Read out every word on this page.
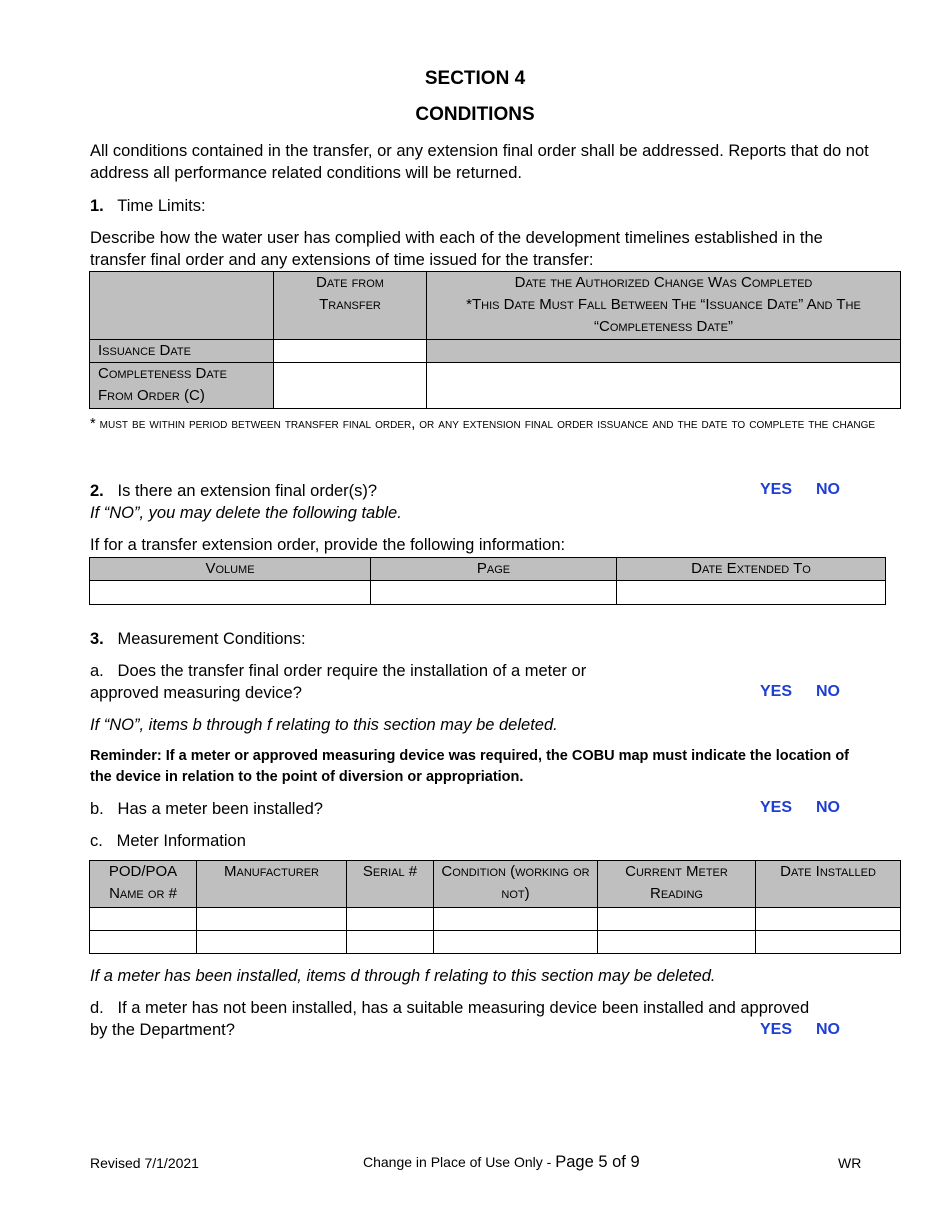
SECTION 4
CONDITIONS
All conditions contained in the transfer, or any extension final order shall be addressed. Reports that do not address all performance related conditions will be returned.
1. Time Limits:
Describe how the water user has complied with each of the development timelines established in the transfer final order and any extensions of time issued for the transfer:

	Date from Transfer	Date the Authorized Change Was Completed
*This Date Must Fall Between The “Issuance Date” And The “Completeness Date”

Issuance Date		

Completeness Date From Order (C)		

* must be within period between transfer final order, or any extension final order issuance and the date to complete the change
2. Is there an extension final order(s)?	YES NO
If “NO”, you may delete the following table.
If for a transfer extension order, provide the following information:
Volume	Page	Date Extended To

3. Measurement Conditions:
a. Does the transfer final order require the installation of a meter or
approved measuring device?	YES NO
If “NO”, items b through f relating to this section may be deleted.
Reminder: If a meter or approved measuring device was required, the COBU map must indicate the location of the device in relation to the point of diversion or appropriation.
b. Has a meter been installed?	YES NO
c. Meter Information
POD/POA Name or #	Manufacturer	Serial #	Condition (working or not)	Current Meter Reading	Date Installed

If a meter has been installed, items d through f relating to this section may be deleted.
d. If a meter has not been installed, has a suitable measuring device been installed and approved
by the Department?	YES NO
Revised 7/1/2021	Change in Place of Use Only - Page 5 of 9	WR
